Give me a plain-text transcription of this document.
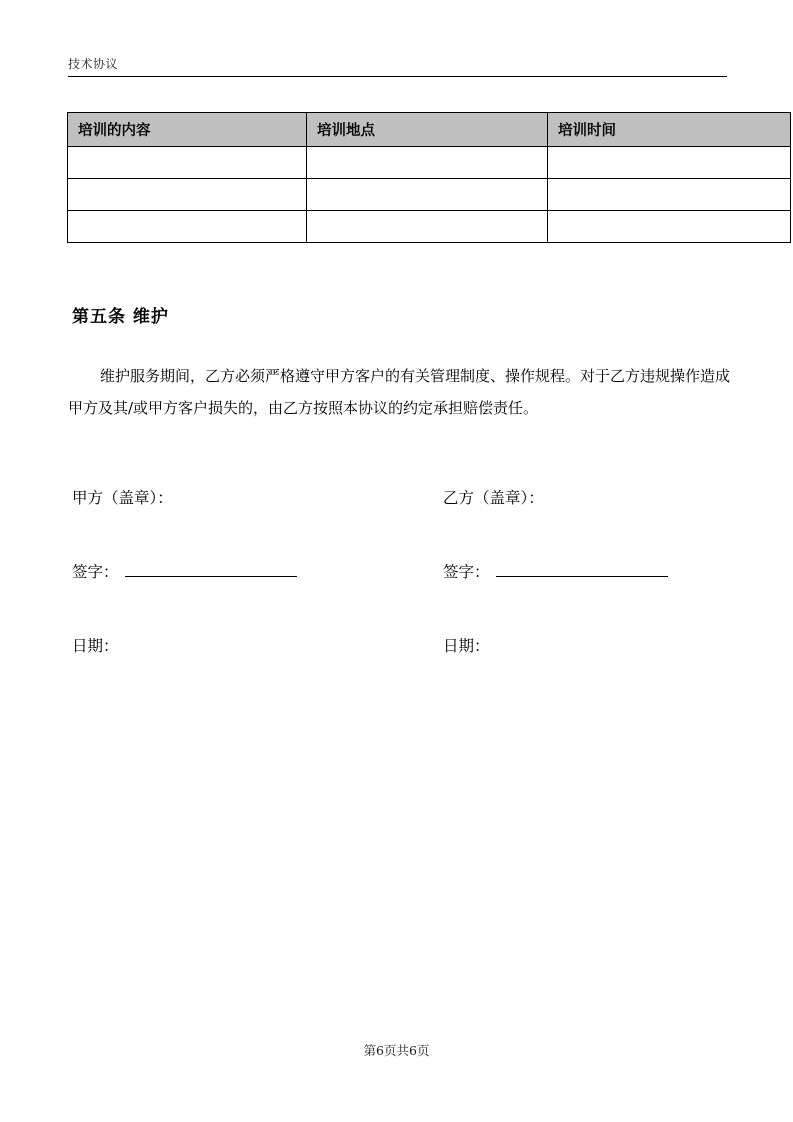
技术协议
培训的内容	培训地点	培训时间

第五条 维护
维护服务期间，乙方必须严格遵守甲方客户的有关管理制度、操作规程。对于乙方违规操作造成甲方及其/或甲方客户损失的，由乙方按照本协议的约定承担赔偿责任。
甲方（盖章）：	乙方（盖章）：
签字：	签字：
日期：	日期：
第6页共6页
